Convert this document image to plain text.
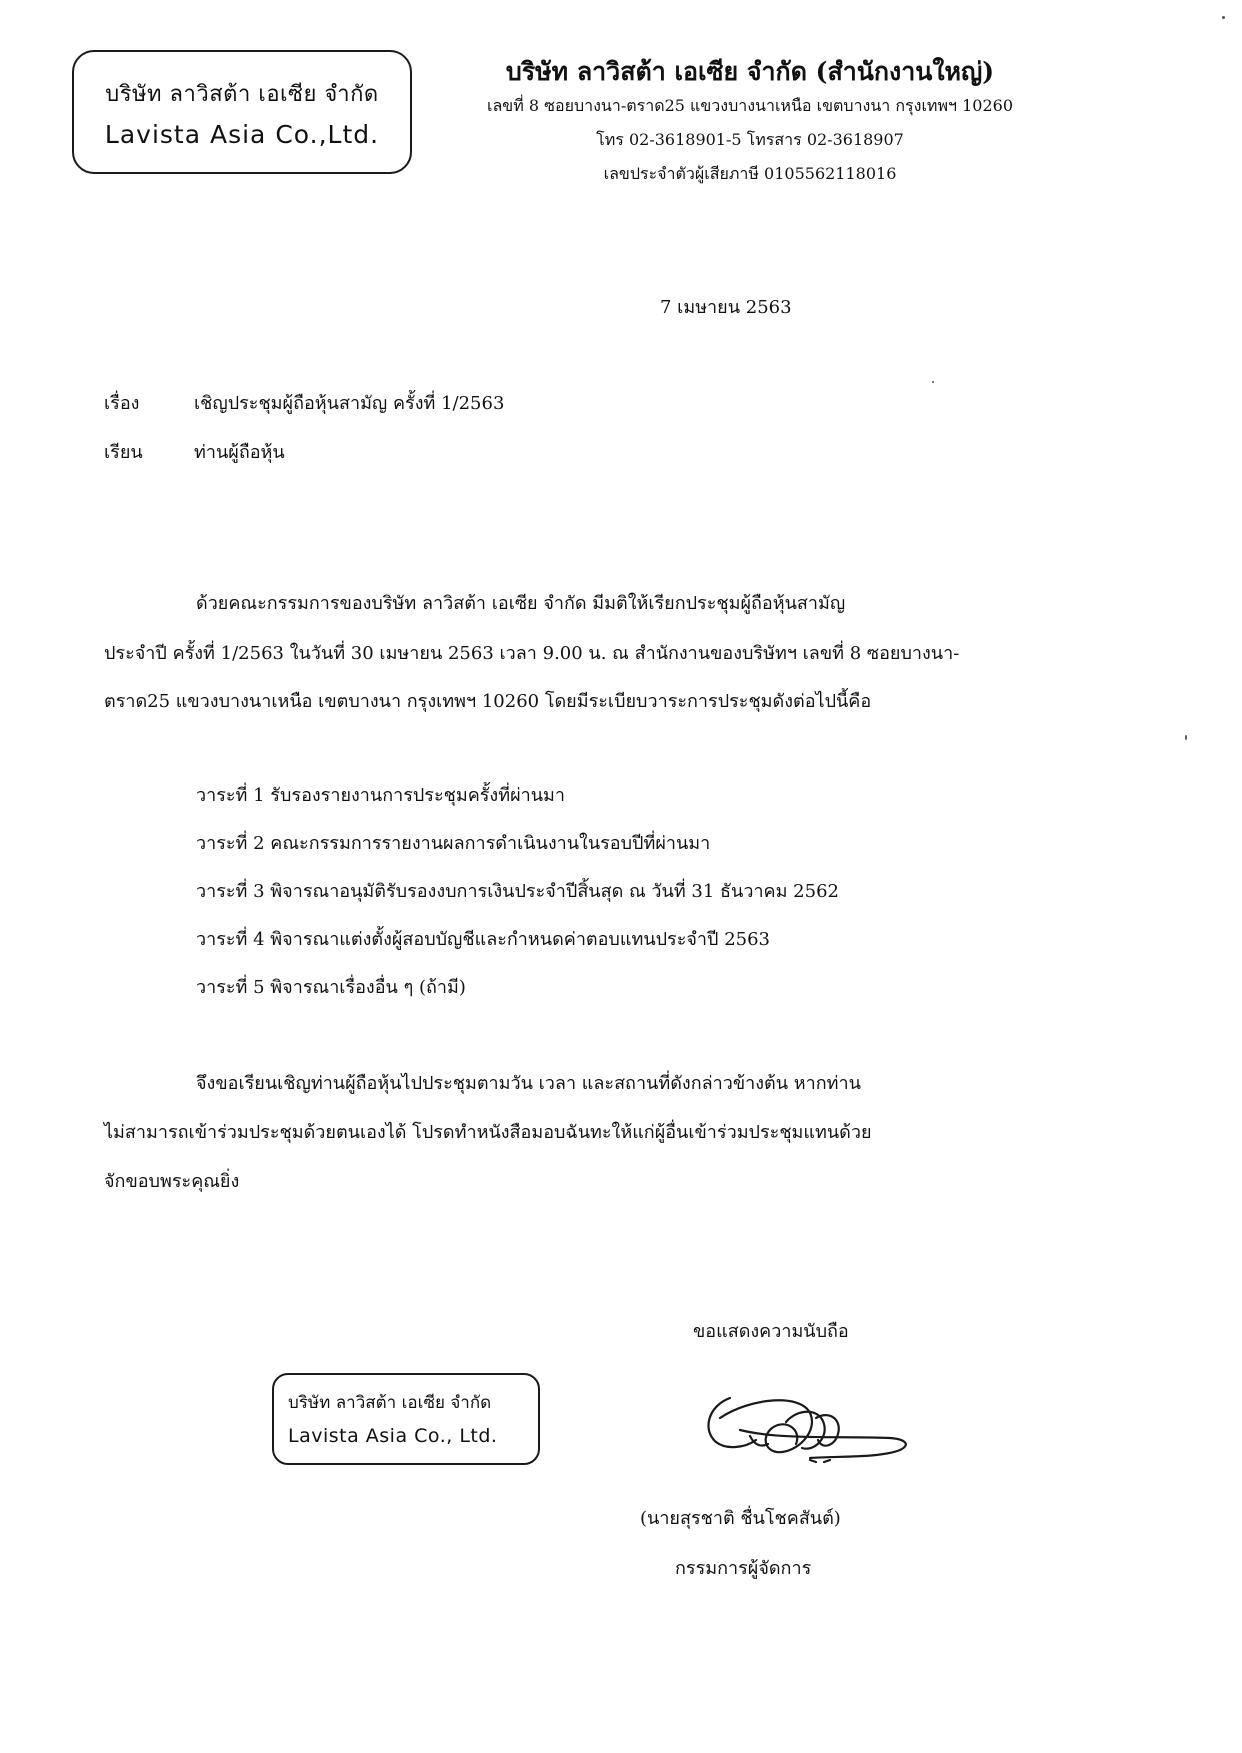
บริษัท ลาวิสต้า เอเซีย จำกัด
Lavista Asia Co.,Ltd.
บริษัท ลาวิสต้า เอเซีย จำกัด (สำนักงานใหญ่)
เลขที่ 8 ซอยบางนา-ตราด25 แขวงบางนาเหนือ เขตบางนา กรุงเทพฯ 10260
โทร 02-3618901-5 โทรสาร 02-3618907
เลขประจำตัวผู้เสียภาษี 0105562118016
7 เมษายน 2563
เรื่อง	เชิญประชุมผู้ถือหุ้นสามัญ ครั้งที่ 1/2563
เรียน	ท่านผู้ถือหุ้น
ด้วยคณะกรรมการของบริษัท ลาวิสต้า เอเซีย จำกัด มีมติให้เรียกประชุมผู้ถือหุ้นสามัญ
ประจำปี ครั้งที่ 1/2563 ในวันที่ 30 เมษายน 2563 เวลา 9.00 น. ณ สำนักงานของบริษัทฯ เลขที่ 8 ซอยบางนา-
ตราด25 แขวงบางนาเหนือ เขตบางนา กรุงเทพฯ 10260 โดยมีระเบียบวาระการประชุมดังต่อไปนี้คือ
วาระที่ 1 รับรองรายงานการประชุมครั้งที่ผ่านมา
วาระที่ 2 คณะกรรมการรายงานผลการดำเนินงานในรอบปีที่ผ่านมา
วาระที่ 3 พิจารณาอนุมัติรับรองงบการเงินประจำปีสิ้นสุด ณ วันที่ 31 ธันวาคม 2562
วาระที่ 4 พิจารณาแต่งตั้งผู้สอบบัญชีและกำหนดค่าตอบแทนประจำปี 2563
วาระที่ 5 พิจารณาเรื่องอื่น ๆ (ถ้ามี)
จึงขอเรียนเชิญท่านผู้ถือหุ้นไปประชุมตามวัน เวลา และสถานที่ดังกล่าวข้างต้น หากท่าน
ไม่สามารถเข้าร่วมประชุมด้วยตนเองได้ โปรดทำหนังสือมอบฉันทะให้แก่ผู้อื่นเข้าร่วมประชุมแทนด้วย
จักขอบพระคุณยิ่ง
ขอแสดงความนับถือ
บริษัท ลาวิสต้า เอเซีย จำกัด
Lavista Asia Co., Ltd.
(นายสุรชาติ ชื่นโชคสันต์)
กรรมการผู้จัดการ
